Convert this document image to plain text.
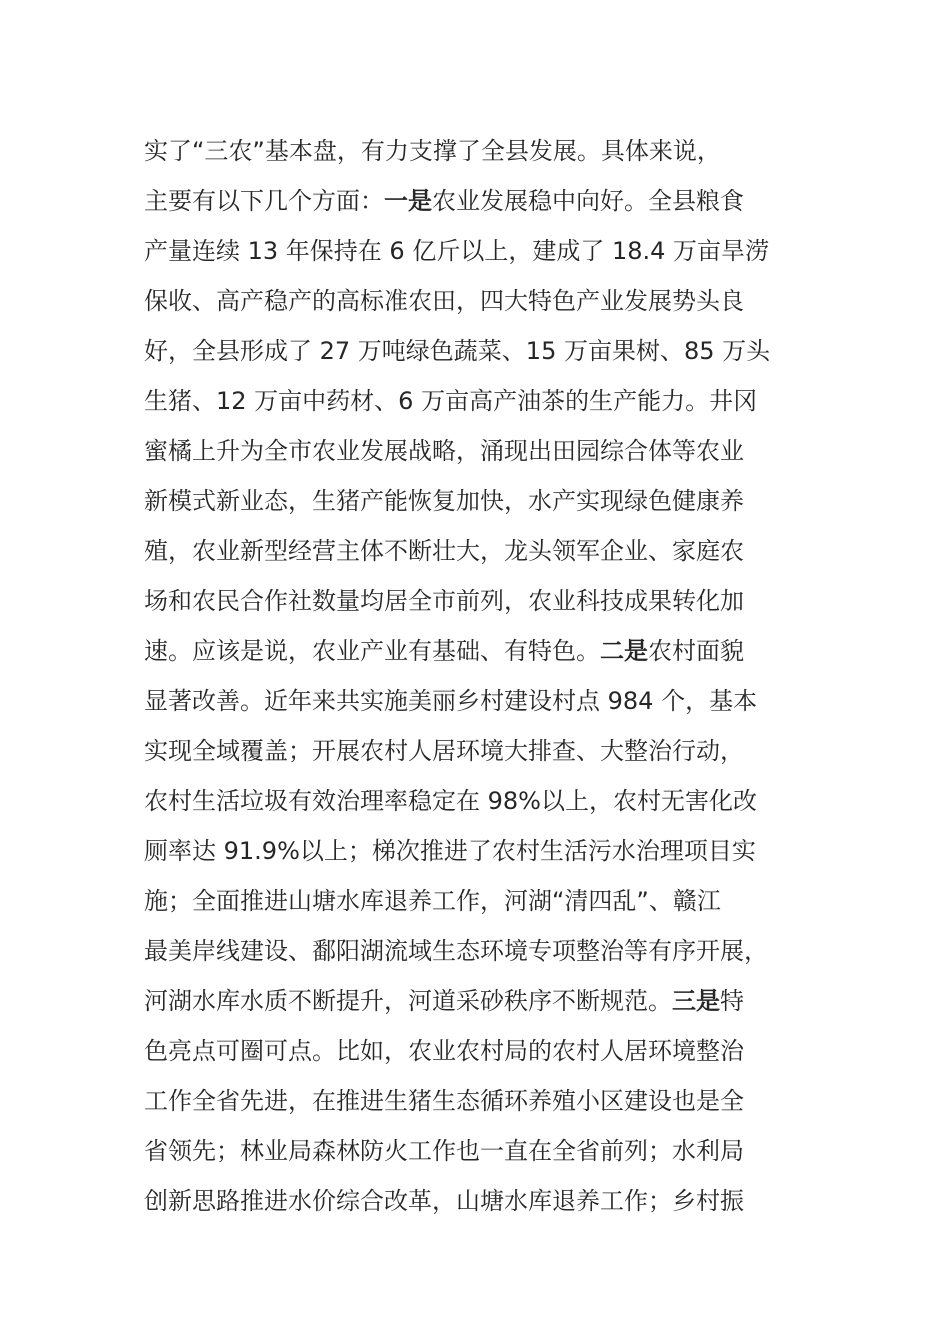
实了“三农”基本盘，有力支撑了全县发展。具体来说，
主要有以下几个方面：一是农业发展稳中向好。全县粮食
产量连续 13 年保持在 6 亿斤以上，建成了 18.4 万亩旱涝
保收、高产稳产的高标准农田，四大特色产业发展势头良
好，全县形成了 27 万吨绿色蔬菜、15 万亩果树、85 万头
生猪、12 万亩中药材、6 万亩高产油茶的生产能力。井冈
蜜橘上升为全市农业发展战略，涌现出田园综合体等农业
新模式新业态，生猪产能恢复加快，水产实现绿色健康养
殖，农业新型经营主体不断壮大，龙头领军企业、家庭农
场和农民合作社数量均居全市前列，农业科技成果转化加
速。应该是说，农业产业有基础、有特色。二是农村面貌
显著改善。近年来共实施美丽乡村建设村点 984 个，基本
实现全域覆盖；开展农村人居环境大排查、大整治行动，
农村生活垃圾有效治理率稳定在 98%以上，农村无害化改
厕率达 91.9%以上；梯次推进了农村生活污水治理项目实
施；全面推进山塘水库退养工作，河湖“清四乱”、赣江
最美岸线建设、鄱阳湖流域生态环境专项整治等有序开展，
河湖水库水质不断提升，河道采砂秩序不断规范。三是特
色亮点可圈可点。比如，农业农村局的农村人居环境整治
工作全省先进，在推进生猪生态循环养殖小区建设也是全
省领先；林业局森林防火工作也一直在全省前列；水利局
创新思路推进水价综合改革，山塘水库退养工作；乡村振
